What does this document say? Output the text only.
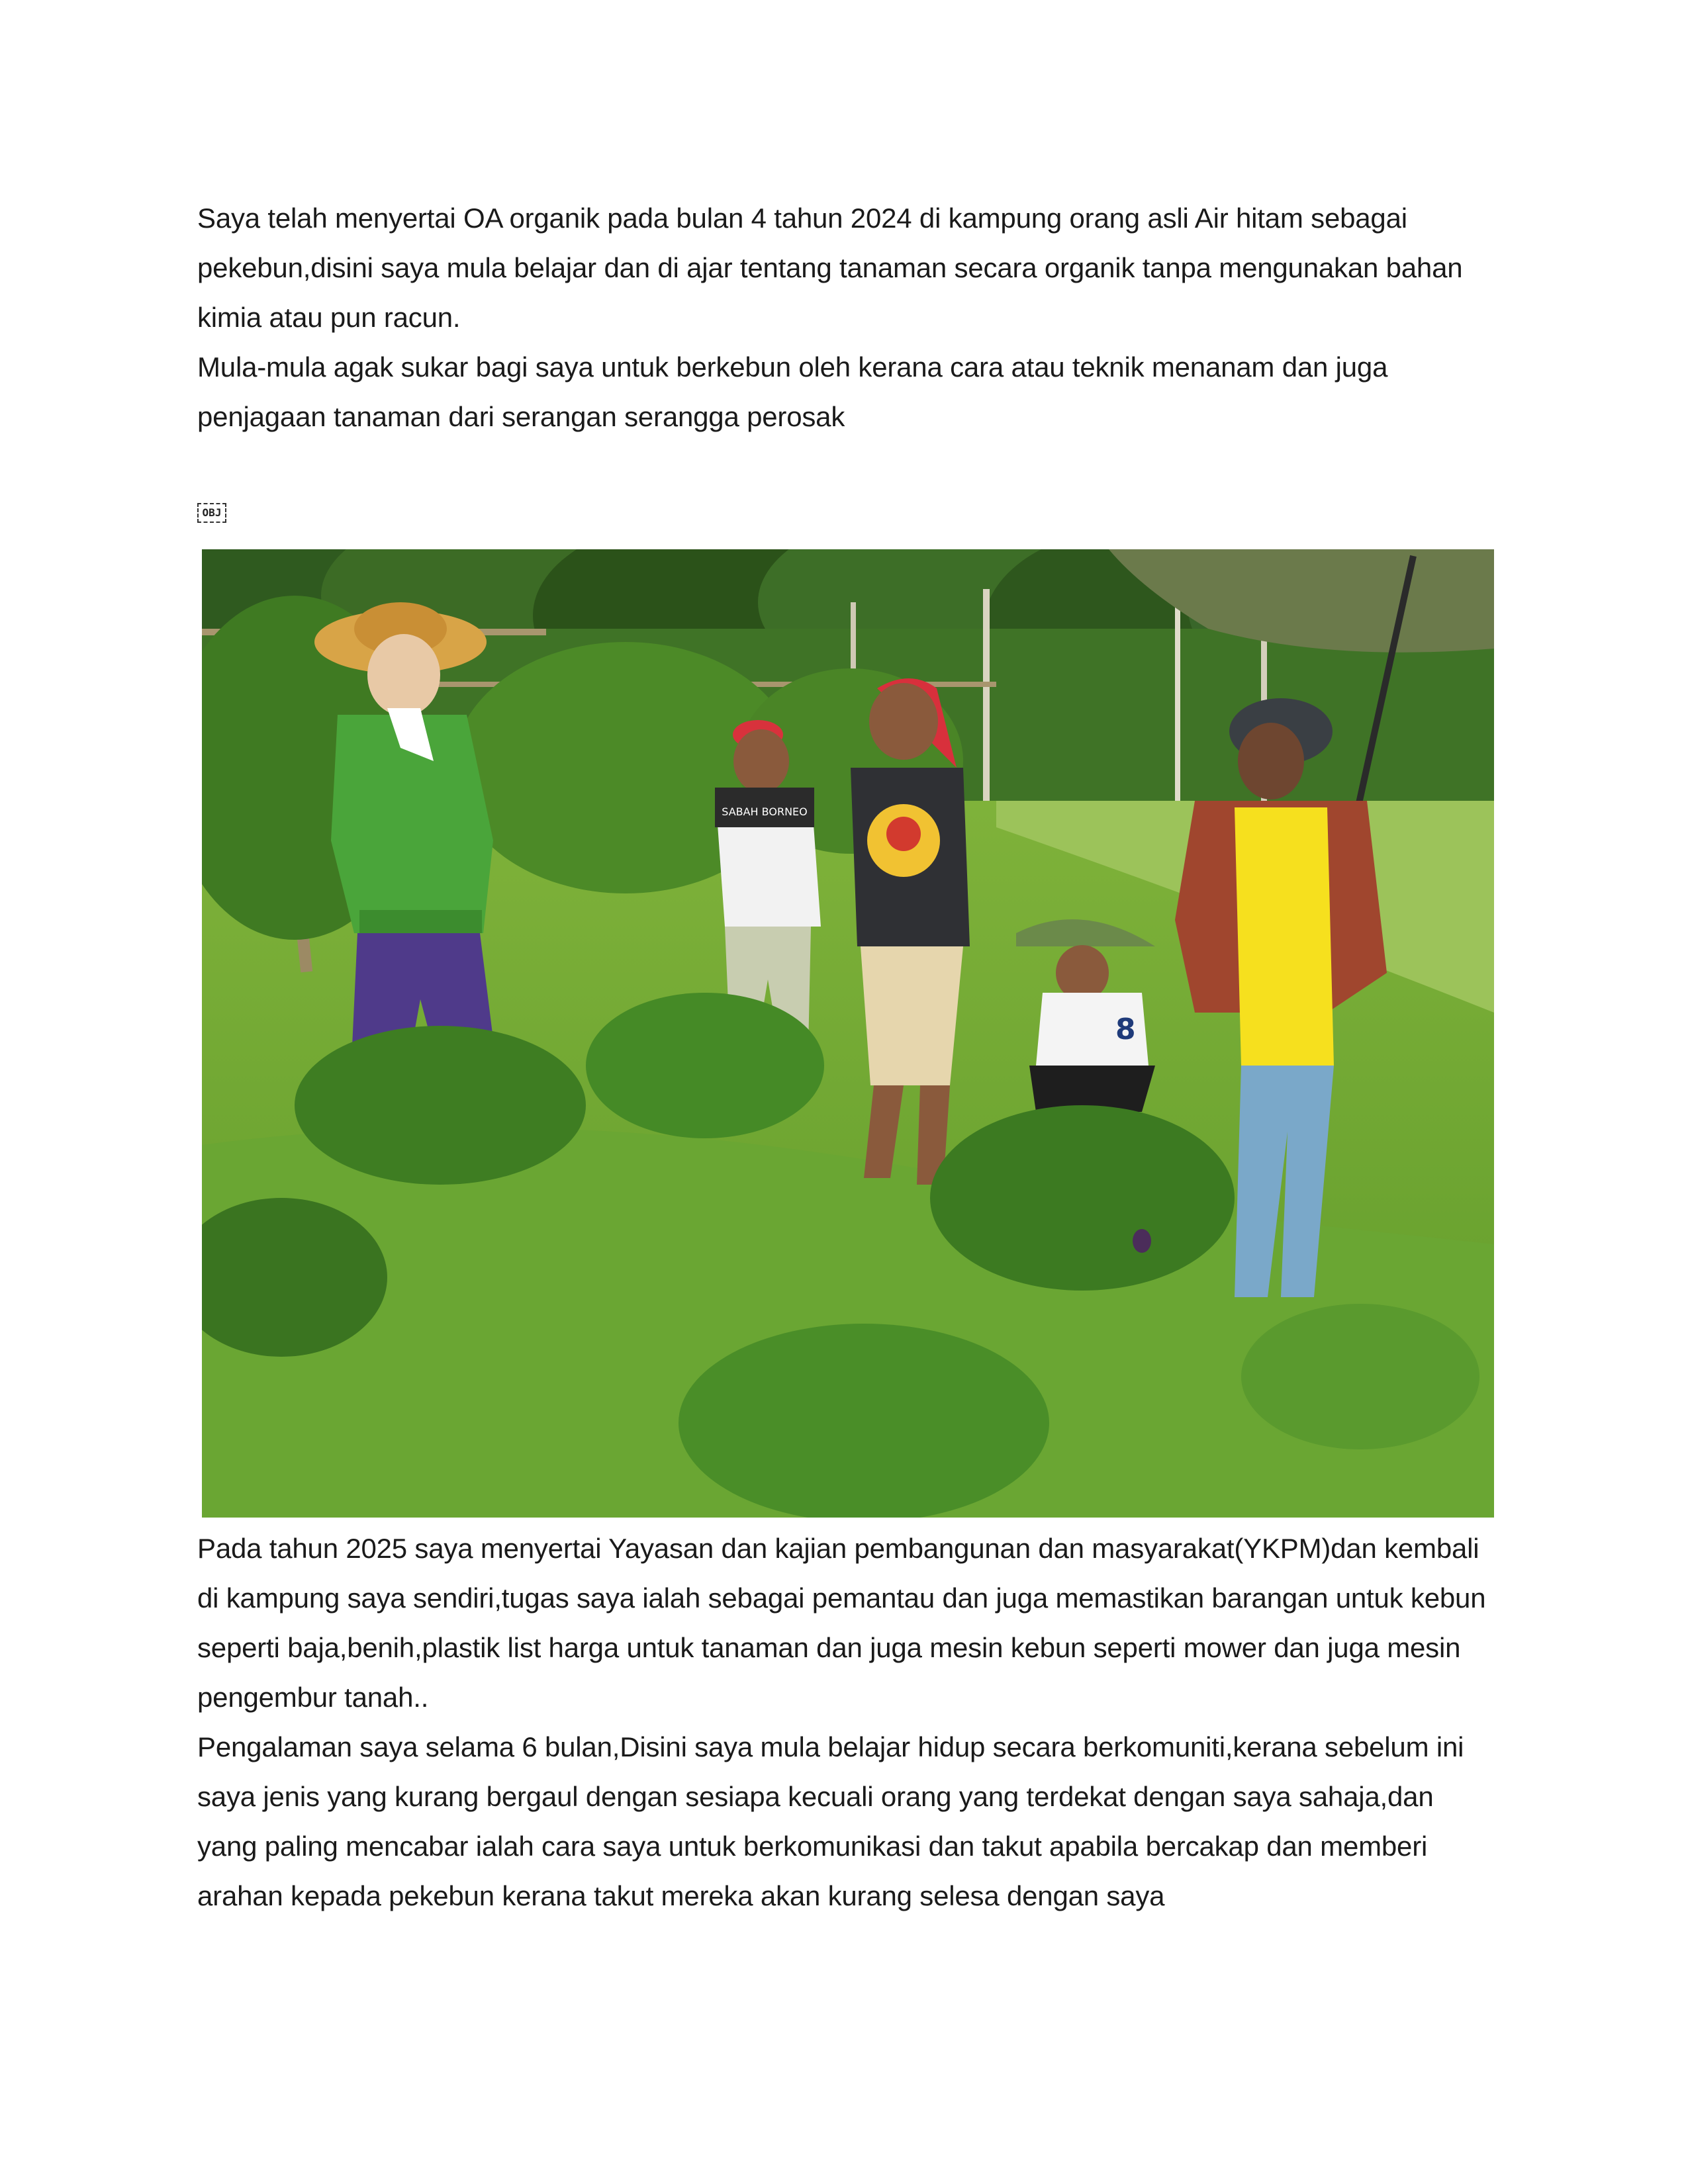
Saya telah menyertai OA organik pada bulan 4 tahun 2024 di kampung orang asli Air hitam sebagai pekebun,disini saya mula belajar dan di ajar tentang tanaman secara organik tanpa mengunakan bahan kimia atau pun racun.

Mula-mula agak sukar bagi saya untuk berkebun oleh kerana cara atau teknik menanam dan juga penjagaan tanaman dari serangan serangga perosak

OBJ
SABAH BORNEO
8

Pada tahun 2025 saya menyertai Yayasan dan kajian pembangunan dan masyarakat(YKPM)dan kembali di kampung saya sendiri,tugas saya ialah sebagai pemantau dan juga memastikan barangan untuk kebun seperti baja,benih,plastik list harga untuk tanaman dan juga mesin kebun seperti mower dan juga mesin pengembur tanah..

Pengalaman saya selama 6 bulan,Disini saya mula belajar hidup secara berkomuniti,kerana sebelum ini saya jenis yang kurang bergaul dengan sesiapa kecuali orang yang terdekat dengan saya sahaja,dan yang paling mencabar ialah cara saya untuk berkomunikasi dan takut apabila bercakap dan memberi arahan kepada pekebun kerana takut mereka akan kurang selesa dengan saya
